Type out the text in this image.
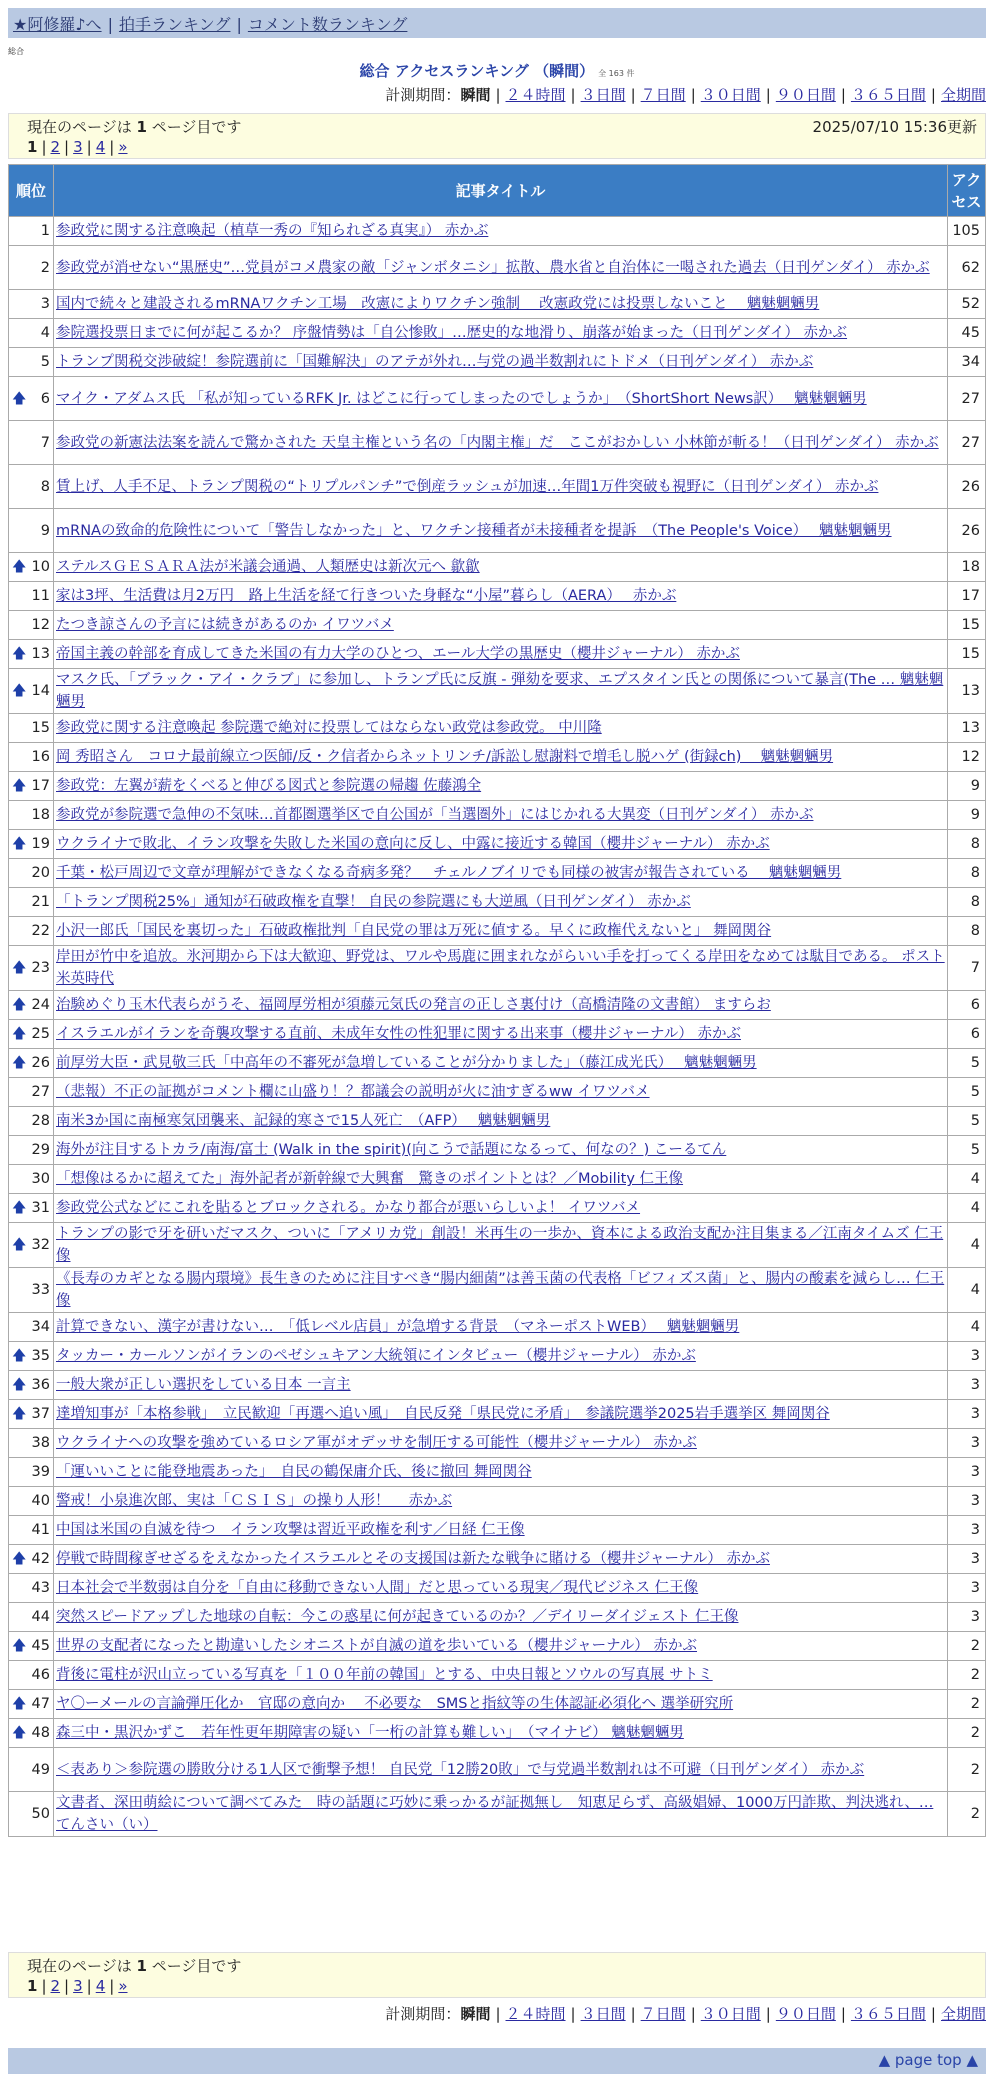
★阿修羅♪へ | 拍手ランキング | コメント数ランキング
総合
総合 アクセスランキング （瞬間） 全 163 件
計測期間：瞬間 | ２４時間 | ３日間 | ７日間 | ３０日間 | ９０日間 | ３６５日間 | 全期間
現在のページは 1 ページ目です	2025/07/10 15:36更新
1 | 2 | 3 | 4 | »
順位	記事タイトル	アクセス
1	参政党に関する注意喚起（植草一秀の『知られざる真実』） 赤かぶ	105
2	参政党が消せない“黒歴史”…党員がコメ農家の敵「ジャンボタニシ」拡散、農水省と自治体に一喝された過去（日刊ゲンダイ） 赤かぶ	62
3	国内で続々と建設されるmRNAワクチン工場　改憲によりワクチン強制　 改憲政党には投票しないこと　 魑魅魍魎男	52
4	参院選投票日までに何が起こるか？ 序盤情勢は「自公惨敗」…歴史的な地滑り、崩落が始まった（日刊ゲンダイ） 赤かぶ	45
5	トランプ関税交渉破綻！参院選前に「国難解決」のアテが外れ…与党の過半数割れにトドメ（日刊ゲンダイ） 赤かぶ	34

🡅 6	マイク・アダムス氏 「私が知っているRFK Jr. はどこに行ってしまったのでしょうか」　（ShortShort News訳）　 魑魅魍魎男	27
7	参政党の新憲法法案を読んで驚かされた 天皇主権という名の「内閣主権」だ　ここがおかしい 小林節が斬る！（日刊ゲンダイ） 赤かぶ	27
8	賃上げ、人手不足、トランプ関税の“トリプルパンチ”で倒産ラッシュが加速…年間1万件突破も視野に（日刊ゲンダイ） 赤かぶ	26
9	mRNAの致命的危険性について「警告しなかった」と、ワクチン接種者が未接種者を提訴　（The People's Voice）　 魑魅魍魎男	26

🡅 10	ステルスＧＥＳＡＲＡ法が米議会通過、人類歴史は新次元へ 歙歙	18
11	家は3坪、生活費は月2万円　路上生活を経て行きついた身軽な“小屋”暮らし（AERA）　 赤かぶ	17
12	たつき諒さんの予言には続きがあるのか イワツバメ	15

🡅 13	帝国主義の幹部を育成してきた米国の有力大学のひとつ、エール大学の黒歴史（櫻井ジャーナル） 赤かぶ	15

🡅 14	マスク氏、「ブラック・アイ・クラブ」に参加し、トランプ氏に反旗 - 弾劾を要求、エプスタイン氏との関係について暴言(The … 魑魅魍魎男	13
15	参政党に関する注意喚起 参院選で絶対に投票してはならない政党は参政党。 中川隆	13
16	岡 秀昭さん　コロナ最前線立つ医師/反・ク信者からネットリンチ/訴訟し慰謝料で増毛し脱ハゲ (街録ch)　 魑魅魍魎男	12

🡅 17	参政党：左翼が薪をくべると伸びる図式と参院選の帰趨 佐藤鴻全	9
18	参政党が参院選で急伸の不気味…首都圏選挙区で自公国が「当選圏外」にはじかれる大異変（日刊ゲンダイ） 赤かぶ	9

🡅 19	ウクライナで敗北、イラン攻撃を失敗した米国の意向に反し、中露に接近する韓国（櫻井ジャーナル） 赤かぶ	8
20	千葉・松戸周辺で文章が理解ができなくなる奇病多発？　チェルノブイリでも同様の被害が報告されている　 魑魅魍魎男	8
21	「トランプ関税25%」通知が石破政権を直撃！ 自民の参院選にも大逆風（日刊ゲンダイ） 赤かぶ	8
22	小沢一郎氏「国民を裏切った」石破政権批判「自民党の罪は万死に値する。早くに政権代えないと」 舞岡関谷	8

🡅 23	岸田が竹中を追放。氷河期から下は大歓迎、野党は、ワルや馬鹿に囲まれながらいい手を打ってくる岸田をなめては駄目である。 ポスト米英時代	7

🡅 24	治験めぐり玉木代表らがうそ、福岡厚労相が須藤元気氏の発言の正しさ裏付け（高橋清隆の文書館） ますらお	6

🡅 25	イスラエルがイランを奇襲攻撃する直前、未成年女性の性犯罪に関する出来事（櫻井ジャーナル） 赤かぶ	6

🡅 26	前厚労大臣・武見敬三氏「中高年の不審死が急増していることが分かりました」（藤江成光氏）　 魑魅魍魎男	5
27	（悲報）不正の証拠がコメント欄に山盛り！？都議会の説明が火に油すぎるww イワツバメ	5
28	南米3か国に南極寒気団襲来、記録的寒さで15人死亡　（AFP）　 魑魅魍魎男	5
29	海外が注目するトカラ/南海/富士 (Walk in the spirit)(向こうで話題になるって、何なの？) こーるてん	5
30	「想像はるかに超えてた」海外記者が新幹線で大興奮　驚きのポイントとは？／Mobility 仁王像	4

🡅 31	参政党公式などにこれを貼るとブロックされる。かなり都合が悪いらしいよ！ イワツバメ	4

🡅 32	トランプの影で牙を研いだマスク、ついに「アメリカ党」創設！米再生の一歩か、資本による政治支配か注目集まる／江南タイムズ 仁王像	4
33	《長寿のカギとなる腸内環境》長生きのために注目すべき“腸内細菌”は善玉菌の代表格「ビフィズス菌」と、腸内の酸素を減らし… 仁王像	4
34	計算できない、漢字が書けない…　「低レベル店員」が急増する背景　（マネーポストWEB）　 魑魅魍魎男	4

🡅 35	タッカー・カールソンがイランのペゼシュキアン大統領にインタビュー（櫻井ジャーナル） 赤かぶ	3

🡅 36	一般大衆が正しい選択をしている日本 一言主	3

🡅 37	達増知事が「本格参戦」　立民歓迎「再選へ追い風」　自民反発「県民党に矛盾」　参議院選挙2025岩手選挙区 舞岡関谷	3
38	ウクライナへの攻撃を強めているロシア軍がオデッサを制圧する可能性（櫻井ジャーナル） 赤かぶ	3
39	「運いいことに能登地震あった」　自民の鶴保庸介氏、後に撤回 舞岡関谷	3
40	警戒！小泉進次郎、実は「ＣＳＩＳ」の操り人形！　 赤かぶ	3
41	中国は米国の自滅を待つ　イラン攻撃は習近平政権を利す／日経 仁王像	3

🡅 42	停戦で時間稼ぎせざるをえなかったイスラエルとその支援国は新たな戦争に賭ける（櫻井ジャーナル） 赤かぶ	3
43	日本社会で半数弱は自分を「自由に移動できない人間」だと思っている現実／現代ビジネス 仁王像	3
44	突然スピードアップした地球の自転：今この惑星に何が起きているのか？／デイリーダイジェスト 仁王像	3

🡅 45	世界の支配者になったと勘違いしたシオニストが自滅の道を歩いている（櫻井ジャーナル） 赤かぶ	2
46	背後に電柱が沢山立っている写真を「１００年前の韓国」とする、中央日報とソウルの写真展 サトミ	2

🡅 47	ヤ〇ーメールの言論弾圧化か　官邸の意向か　 不必要な　SMSと指紋等の生体認証必須化へ 選挙研究所	2

🡅 48	森三中・黒沢かずこ　若年性更年期障害の疑い「一桁の計算も難しい」　（マイナビ） 魑魅魍魎男	2
49	＜表あり＞参院選の勝敗分ける1人区で衝撃予想！ 自民党「12勝20敗」で与党過半数割れは不可避（日刊ゲンダイ） 赤かぶ	2
50	文書者、深田萌絵について調べてみた　時の話題に巧妙に乗っかるが証拠無し　知恵足らず、高級娼婦、1000万円詐欺、判決逃れ、… てんさい（い）	2
現在のページは 1 ページ目です
1 | 2 | 3 | 4 | »
計測期間：瞬間 | ２４時間 | ３日間 | ７日間 | ３０日間 | ９０日間 | ３６５日間 | 全期間
▲ page top ▲
